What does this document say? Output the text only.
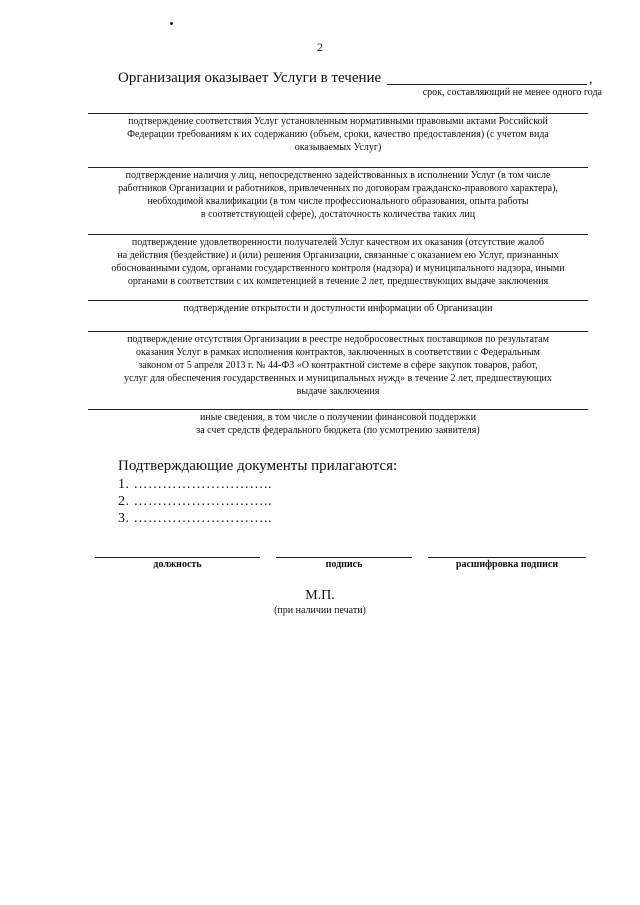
2
Организация оказывает Услуги в течение	,
срок, составляющий не менее одного года
подтверждение соответствия Услуг установленным нормативными правовыми актами Российской
Федерации требованиям к их содержанию (объем, сроки, качество предоставления) (с учетом вида
оказываемых Услуг)
подтверждение наличия у лиц, непосредственно задействованных в исполнении Услуг (в том числе
работников Организации и работников, привлеченных по договорам гражданско-правового характера),
необходимой квалификации (в том числе профессионального образования, опыта работы
в соответствующей сфере), достаточность количества таких лиц
подтверждение удовлетворенности получателей Услуг качеством их оказания (отсутствие жалоб
на действия (бездействие) и (или) решения Организации, связанные с оказанием ею Услуг, признанных
обоснованными судом, органами государственного контроля (надзора) и муниципального надзора, иными
органами в соответствии с их компетенцией в течение 2 лет, предшествующих выдаче заключения
подтверждение открытости и доступности информации об Организации
подтверждение отсутствия Организации в реестре недобросовестных поставщиков по результатам
оказания Услуг в рамках исполнения контрактов, заключенных в соответствии с Федеральным
законом от 5 апреля 2013 г. № 44-ФЗ «О контрактной системе в сфере закупок товаров, работ,
услуг для обеспечения государственных и муниципальных нужд» в течение 2 лет, предшествующих
выдаче заключения
иные сведения, в том числе о получении финансовой поддержки
за счет средств федерального бюджета (по усмотрению заявителя)
Подтверждающие документы прилагаются:
1. ………………………..
2. ………………………..
3. ………………………..
должность	подпись	расшифровка подписи
М.П.
(при наличии печати)
